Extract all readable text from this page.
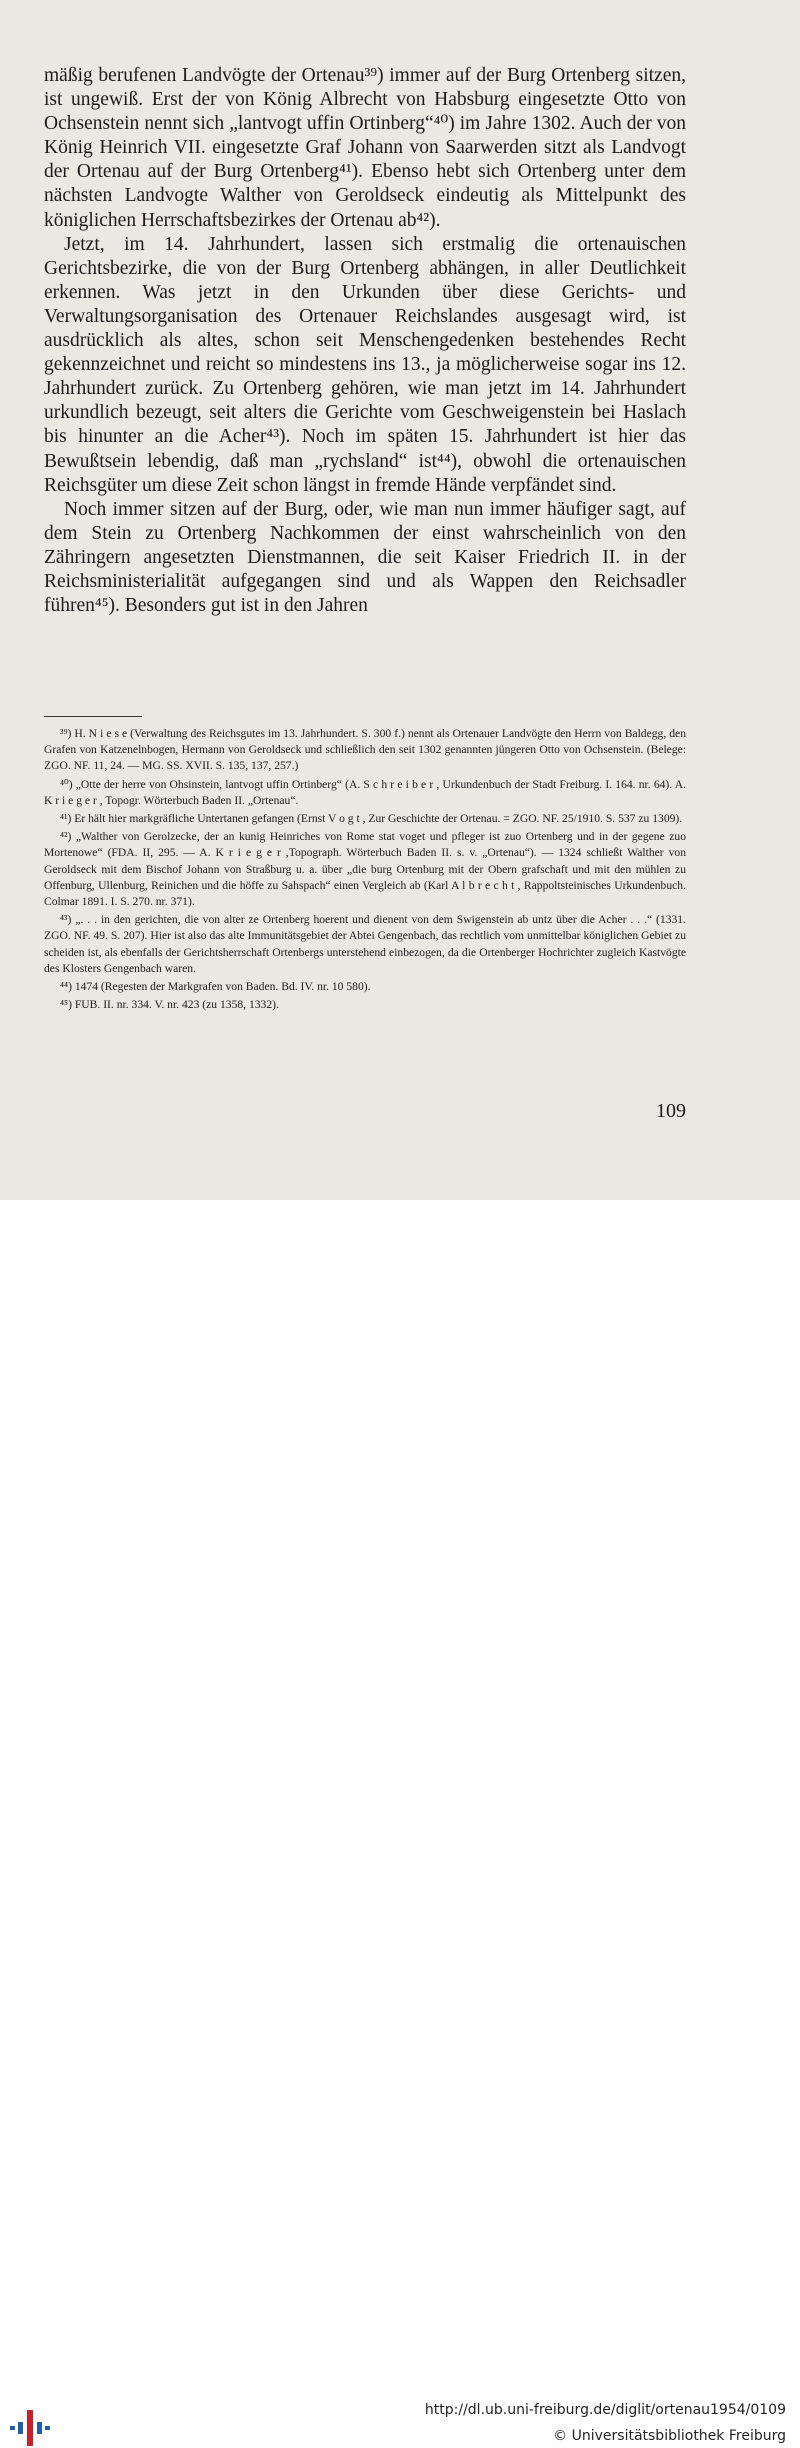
mäßig berufenen Landvögte der Ortenau³⁹) immer auf der Burg Ortenberg sitzen, ist ungewiß. Erst der von König Albrecht von Habsburg eingesetzte Otto von Ochsenstein nennt sich „lantvogt uffin Ortinberg“⁴⁰) im Jahre 1302. Auch der von König Heinrich VII. eingesetzte Graf Johann von Saarwerden sitzt als Landvogt der Ortenau auf der Burg Ortenberg⁴¹). Ebenso hebt sich Ortenberg unter dem nächsten Landvogte Walther von Geroldseck eindeutig als Mittelpunkt des königlichen Herrschaftsbezirkes der Ortenau ab⁴²).

Jetzt, im 14. Jahrhundert, lassen sich erstmalig die ortenauischen Gerichtsbezirke, die von der Burg Ortenberg abhängen, in aller Deutlichkeit erkennen. Was jetzt in den Urkunden über diese Gerichts- und Verwaltungsorganisation des Ortenauer Reichslandes ausgesagt wird, ist ausdrücklich als altes, schon seit Menschengedenken bestehendes Recht gekennzeichnet und reicht so mindestens ins 13., ja möglicherweise sogar ins 12. Jahrhundert zurück. Zu Ortenberg gehören, wie man jetzt im 14. Jahrhundert urkundlich bezeugt, seit alters die Gerichte vom Geschweigenstein bei Haslach bis hinunter an die Acher⁴³). Noch im späten 15. Jahrhundert ist hier das Bewußtsein lebendig, daß man „rychsland“ ist⁴⁴), obwohl die ortenauischen Reichsgüter um diese Zeit schon längst in fremde Hände verpfändet sind.

Noch immer sitzen auf der Burg, oder, wie man nun immer häufiger sagt, auf dem Stein zu Ortenberg Nachkommen der einst wahrscheinlich von den Zähringern angesetzten Dienstmannen, die seit Kaiser Friedrich II. in der Reichsministerialität aufgegangen sind und als Wappen den Reichsadler führen⁴⁵). Besonders gut ist in den Jahren

³⁹) H. N i e s e (Verwaltung des Reichsgutes im 13. Jahrhundert. S. 300 f.) nennt als Ortenauer Landvögte den Herrn von Baldegg, den Grafen von Katzenelnbogen, Hermann von Geroldseck und schließlich den seit 1302 genannten jüngeren Otto von Ochsenstein. (Belege: ZGO. NF. 11, 24. — MG. SS. XVII. S. 135, 137, 257.)

⁴⁰) „Otte der herre von Ohsinstein, lantvogt uffin Ortinberg“ (A. S c h r e i b e r , Urkundenbuch der Stadt Freiburg. I. 164. nr. 64). A. K r i e g e r , Topogr. Wörterbuch Baden II. „Ortenau“.

⁴¹) Er hält hier markgräfliche Untertanen gefangen (Ernst V o g t , Zur Geschichte der Ortenau. = ZGO. NF. 25/1910. S. 537 zu 1309).

⁴²) „Walther von Gerolzecke, der an kunig Heinriches von Rome stat voget und pfleger ist zuo Ortenberg und in der gegene zuo Mortenowe“ (FDA. II, 295. — A. K r i e g e r ,Topograph. Wörterbuch Baden II. s. v. „Ortenau“). — 1324 schließt Walther von Geroldseck mit dem Bischof Johann von Straßburg u. a. über „die burg Ortenburg mit der Obern grafschaft und mit den mühlen zu Offenburg, Ullenburg, Reinichen und die höffe zu Sahspach“ einen Vergleich ab (Karl A l b r e c h t , Rappoltsteinisches Urkundenbuch. Colmar 1891. I. S. 270. nr. 371).

⁴³) „. . . in den gerichten, die von alter ze Ortenberg hoerent und dienent von dem Swigenstein ab untz über die Acher . . .“ (1331. ZGO. NF. 49. S. 207). Hier ist also das alte Immunitätsgebiet der Abtei Gengenbach, das rechtlich vom unmittelbar königlichen Gebiet zu scheiden ist, als ebenfalls der Gerichtsherrschaft Ortenbergs unterstehend einbezogen, da die Ortenberger Hochrichter zugleich Kastvögte des Klosters Gengenbach waren.

⁴⁴) 1474 (Regesten der Markgrafen von Baden. Bd. IV. nr. 10 580).

⁴⁵) FUB. II. nr. 334. V. nr. 423 (zu 1358, 1332).

109
http://dl.ub.uni-freiburg.de/diglit/ortenau1954/0109
© Universitätsbibliothek Freiburg
